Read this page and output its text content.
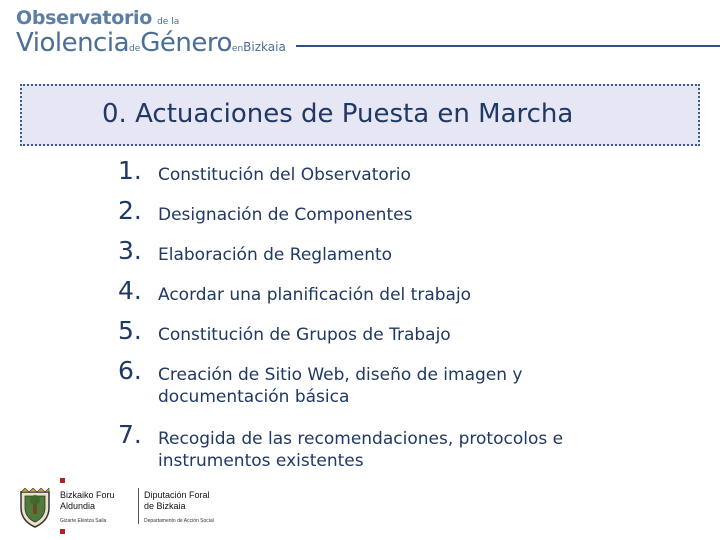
Observatorio de la
ViolenciadeGéneroenBizkaia
0. Actuaciones de Puesta en Marcha
1. Constitución del Observatorio
2. Designación de Componentes
3. Elaboración de Reglamento
4. Acordar una planificación del trabajo
5. Constitución de Grupos de Trabajo
6. Creación de Sitio Web, diseño de imagen y documentación básica
7. Recogida de las recomendaciones, protocolos e instrumentos existentes
Bizkaiko Foru
Aldundia
Gizarte Ekintza Saila
Diputación Foral
de Bizkaia
Departamento de Acción Social
